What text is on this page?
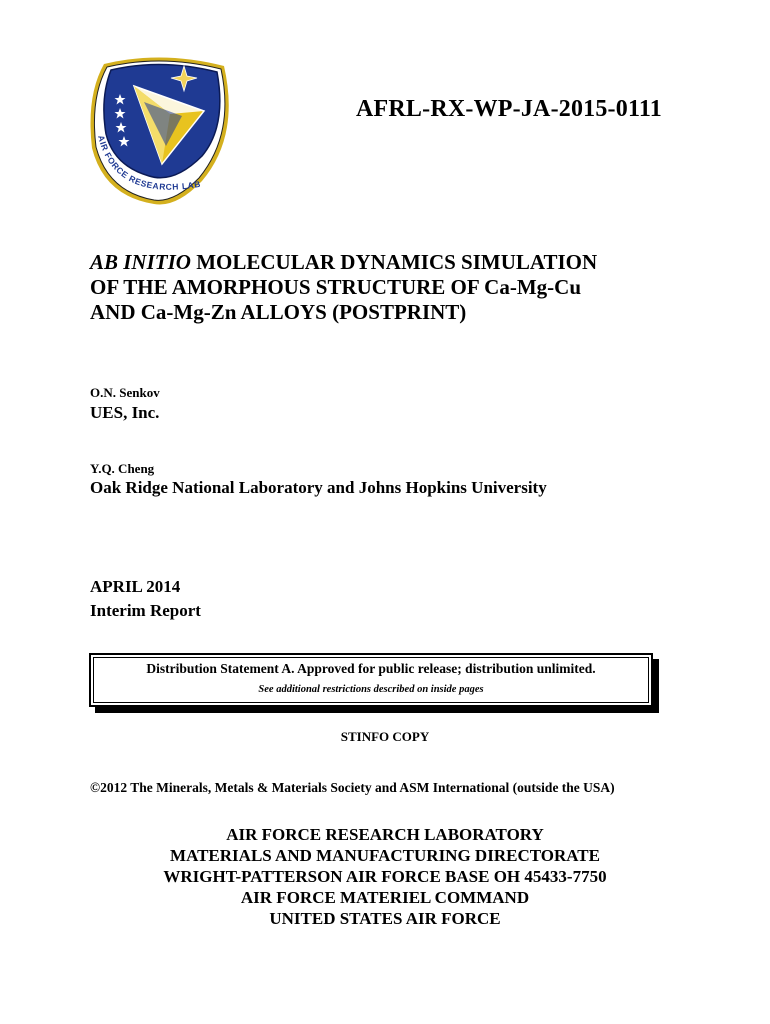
AIR FORCE RESEARCH LAB
AFRL-RX-WP-JA-2015-0111
AB INITIO MOLECULAR DYNAMICS SIMULATION
OF THE AMORPHOUS STRUCTURE OF Ca-Mg-Cu
AND Ca-Mg-Zn ALLOYS (POSTPRINT)
O.N. Senkov
UES, Inc.
Y.Q. Cheng
Oak Ridge National Laboratory and Johns Hopkins University
APRIL 2014
Interim Report
Distribution Statement A. Approved for public release; distribution unlimited.
See additional restrictions described on inside pages
STINFO COPY
©2012 The Minerals, Metals & Materials Society and ASM International (outside the USA)
AIR FORCE RESEARCH LABORATORY
MATERIALS AND MANUFACTURING DIRECTORATE
WRIGHT-PATTERSON AIR FORCE BASE OH 45433-7750
AIR FORCE MATERIEL COMMAND
UNITED STATES AIR FORCE
